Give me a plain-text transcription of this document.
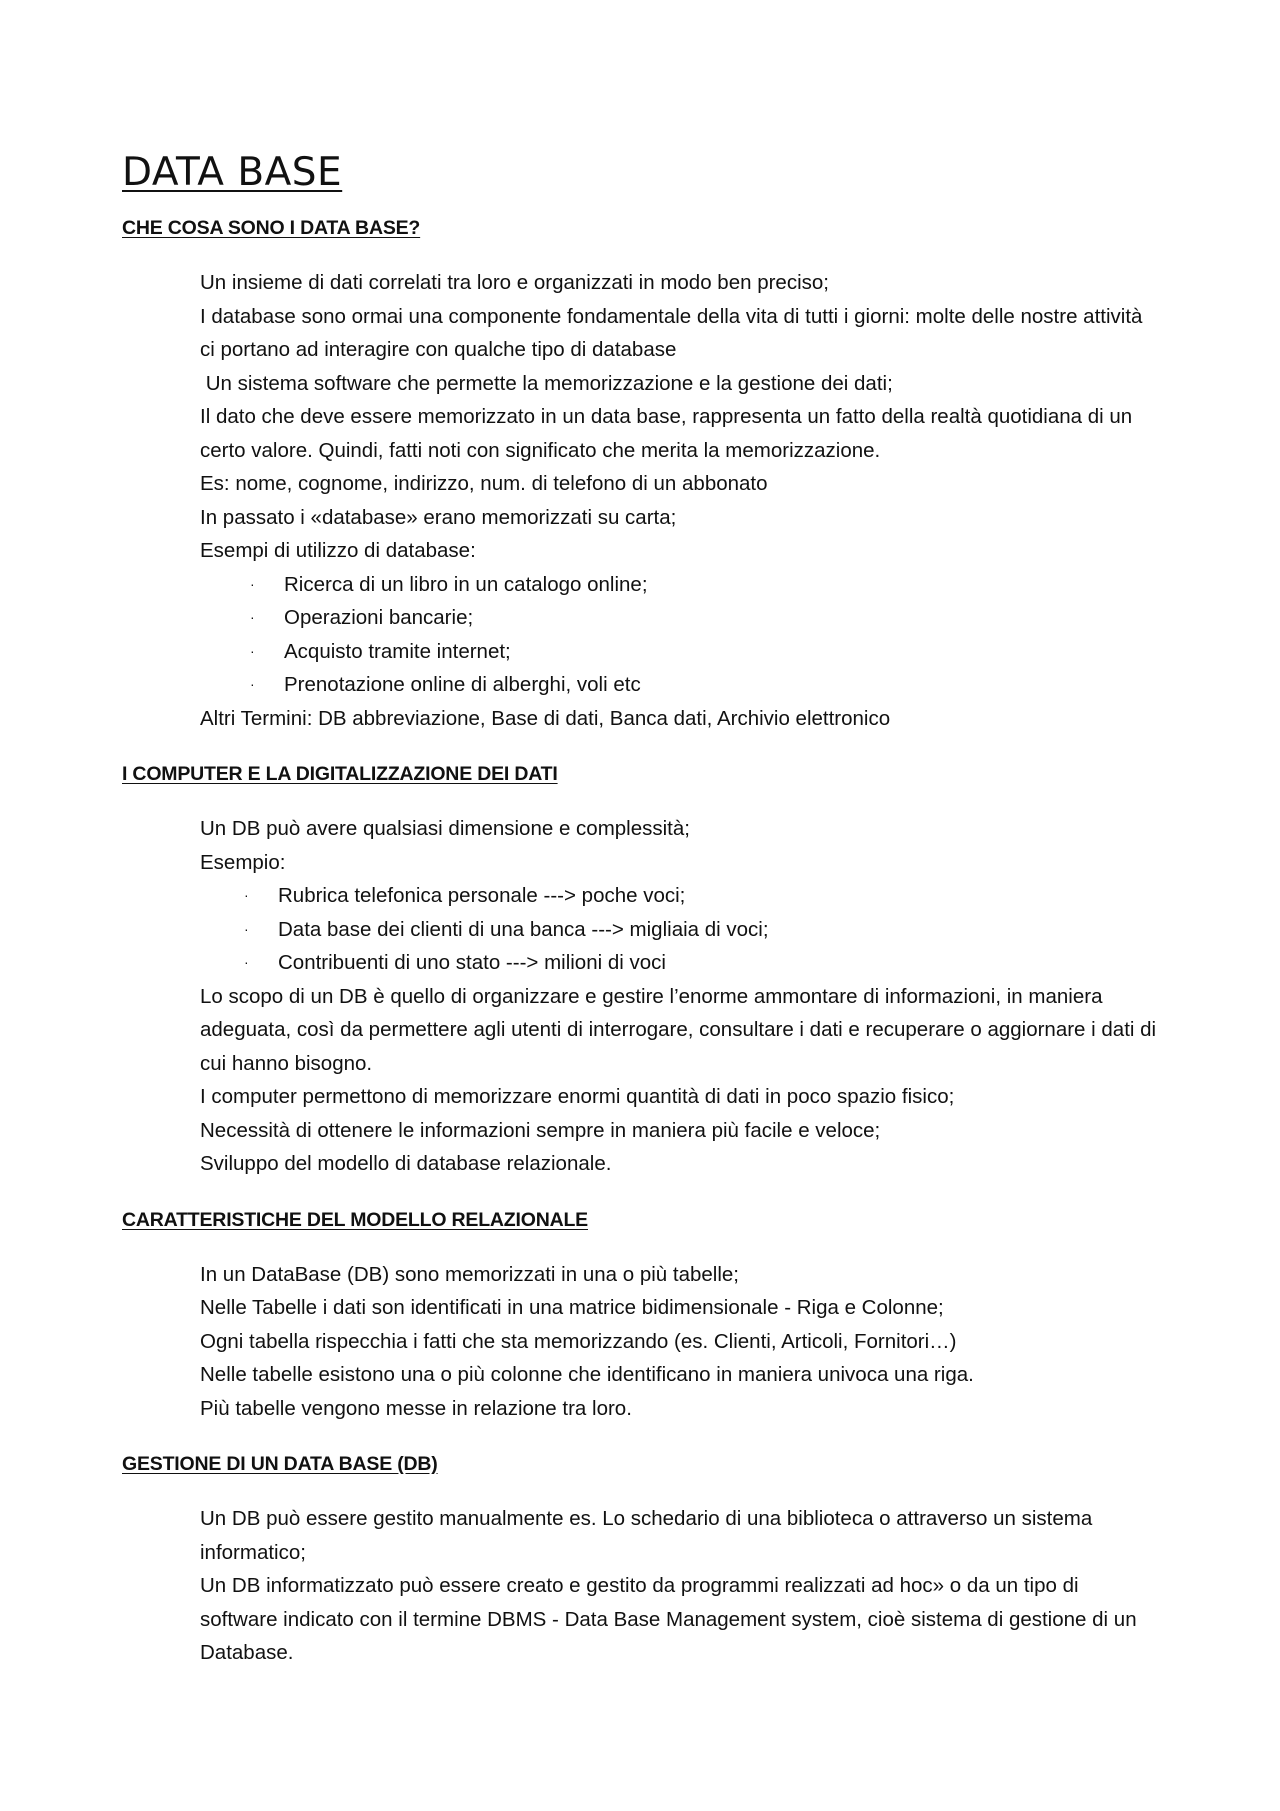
DATA BASE
CHE COSA SONO I DATA BASE?
Un insieme di dati correlati tra loro e organizzati in modo ben preciso;
I database sono ormai una componente fondamentale della vita di tutti i giorni: molte delle nostre attività ci portano ad interagire con qualche tipo di database
Un sistema software che permette la memorizzazione e la gestione dei dati;
Il dato che deve essere memorizzato in un data base, rappresenta un fatto della realtà quotidiana di un certo valore. Quindi, fatti noti con significato che merita la memorizzazione.
Es: nome, cognome, indirizzo, num. di telefono di un abbonato
In passato i «database» erano memorizzati su carta;
Esempi di utilizzo di database:
· Ricerca di un libro in un catalogo online;
· Operazioni bancarie;
· Acquisto tramite internet;
· Prenotazione online di alberghi, voli etc
Altri Termini: DB abbreviazione, Base di dati, Banca dati, Archivio elettronico
I COMPUTER E LA DIGITALIZZAZIONE DEI DATI
Un DB può avere qualsiasi dimensione e complessità;
Esempio:
· Rubrica telefonica personale ---> poche voci;
· Data base dei clienti di una banca ---> migliaia di voci;
· Contribuenti di uno stato ---> milioni di voci
Lo scopo di un DB è quello di organizzare e gestire l’enorme ammontare di informazioni, in maniera adeguata, così da permettere agli utenti di interrogare, consultare i dati e recuperare o aggiornare i dati di cui hanno bisogno.
I computer permettono di memorizzare enormi quantità di dati in poco spazio fisico;
Necessità di ottenere le informazioni sempre in maniera più facile e veloce;
Sviluppo del modello di database relazionale.
CARATTERISTICHE DEL MODELLO RELAZIONALE
In un DataBase (DB) sono memorizzati in una o più tabelle;
Nelle Tabelle i dati son identificati in una matrice bidimensionale - Riga e Colonne;
Ogni tabella rispecchia i fatti che sta memorizzando (es. Clienti, Articoli, Fornitori…)
Nelle tabelle esistono una o più colonne che identificano in maniera univoca una riga.
Più tabelle vengono messe in relazione tra loro.
GESTIONE DI UN DATA BASE (DB)
Un DB può essere gestito manualmente es. Lo schedario di una biblioteca o attraverso un sistema informatico;
Un DB informatizzato può essere creato e gestito da programmi realizzati ad hoc» o da un tipo di software indicato con il termine DBMS - Data Base Management system, cioè sistema di gestione di un Database.
